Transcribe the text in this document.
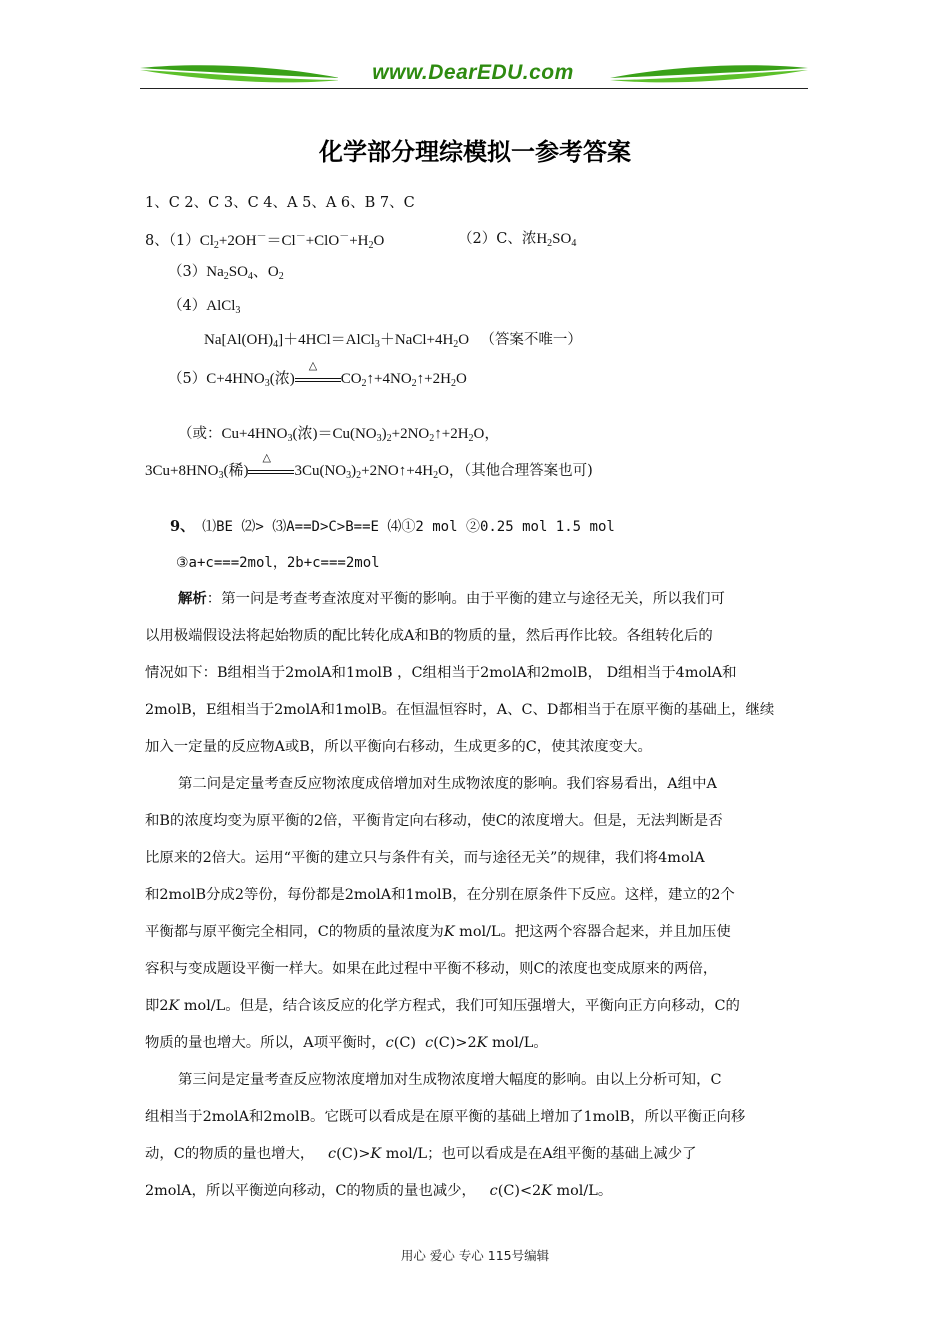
www.DearEDU.com
化学部分理综模拟一参考答案
1、C 2、C 3、C 4、A 5、A 6、B 7、C
8、$(1)Cl_2+2OH^-=Cl^-+ClO^-+H_2O$	（2）C、浓$H_2SO_4$
$(3)Na_2SO_4$、$O_2$
（4）AlCl$_3$
$Na[Al(OH)_4]+4HCl=AlCl_3+NaCl+4H_2O$   （答案不唯一）
$(5)C+4HNO_3$(浓)
△
$CO_2↑+4NO_2↑+2H_2O$
（或：$Cu+4HNO_3$(浓)$=Cu(NO_3)_2+2NO_2↑+2H_2O$，
$3Cu+8HNO_3$(稀)
△
$3Cu(NO_3)_2+2NO↑+4H_2O$，（其他合理答案也可)
9、 ⑴BE ⑵> ⑶A==D>C>B==E ⑷①2 mol ②0.25 mol 1.5 mol
③a+c===2mol，2b+c===2mol
解析：第一问是考查考查浓度对平衡的影响。由于平衡的建立与途径无关，所以我们可
以用极端假设法将起始物质的配比转化成A和B的物质的量，然后再作比较。各组转化后的
情况如下：B组相当于2molA和1molB ，C组相当于2molA和2molB， D组相当于4molA和
2molB，E组相当于2molA和1molB。在恒温恒容时，A、C、D都相当于在原平衡的基础上，继续
加入一定量的反应物A或B，所以平衡向右移动，生成更多的C，使其浓度变大。
第二问是定量考查反应物浓度成倍增加对生成物浓度的影响。我们容易看出，A组中A
和B的浓度均变为原平衡的2倍，平衡肯定向右移动，使C的浓度增大。但是，无法判断是否
比原来的2倍大。运用“平衡的建立只与条件有关，而与途径无关”的规律，我们将4molA
和2molB分成2等份，每份都是2molA和1molB，在分别在原条件下反应。这样，建立的2个
平衡都与原平衡完全相同，C的物质的量浓度为K mol/L。把这两个容器合起来，并且加压使
容积与变成题设平衡一样大。如果在此过程中平衡不移动，则C的浓度也变成原来的两倍，
即2K mol/L。但是，结合该反应的化学方程式，我们可知压强增大，平衡向正方向移动，C的
物质的量也增大。所以，A项平衡时，c(C) c(C)>2K mol/L。
第三问是定量考查反应物浓度增加对生成物浓度增大幅度的影响。由以上分析可知，C
组相当于2molA和2molB。它既可以看成是在原平衡的基础上增加了1molB，所以平衡正向移
动，C的物质的量也增大， c(C)>K mol/L；也可以看成是在A组平衡的基础上减少了
2molA，所以平衡逆向移动，C的物质的量也减少， c(C)<2K mol/L。
用心 爱心 专心 115号编辑
